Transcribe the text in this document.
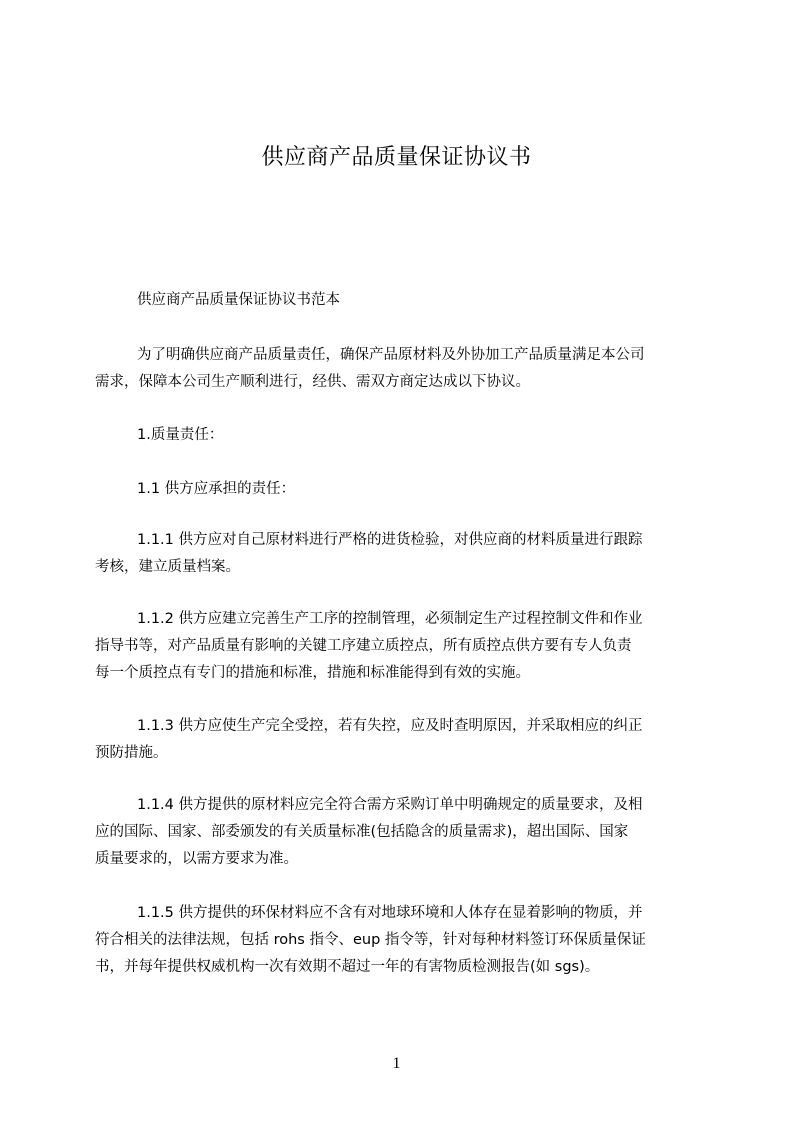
供应商产品质量保证协议书

供应商产品质量保证协议书范本

为了明确供应商产品质量责任，确保产品原材料及外协加工产品质量满足本公司

需求，保障本公司生产顺利进行，经供、需双方商定达成以下协议。

1.质量责任：

1.1 供方应承担的责任：

1.1.1 供方应对自己原材料进行严格的进货检验，对供应商的材料质量进行跟踪

考核，建立质量档案。

1.1.2 供方应建立完善生产工序的控制管理，必须制定生产过程控制文件和作业

指导书等，对产品质量有影响的关键工序建立质控点，所有质控点供方要有专人负责

每一个质控点有专门的措施和标准，措施和标准能得到有效的实施。

1.1.3 供方应使生产完全受控，若有失控，应及时查明原因，并采取相应的纠正

预防措施。

1.1.4 供方提供的原材料应完全符合需方采购订单中明确规定的质量要求，及相

应的国际、国家、部委颁发的有关质量标准(包括隐含的质量需求)，超出国际、国家

质量要求的，以需方要求为准。

1.1.5 供方提供的环保材料应不含有对地球环境和人体存在显着影响的物质，并

符合相关的法律法规，包括 rohs 指令、eup 指令等，针对每种材料签订环保质量保证

书，并每年提供权威机构一次有效期不超过一年的有害物质检测报告(如 sgs)。

1
